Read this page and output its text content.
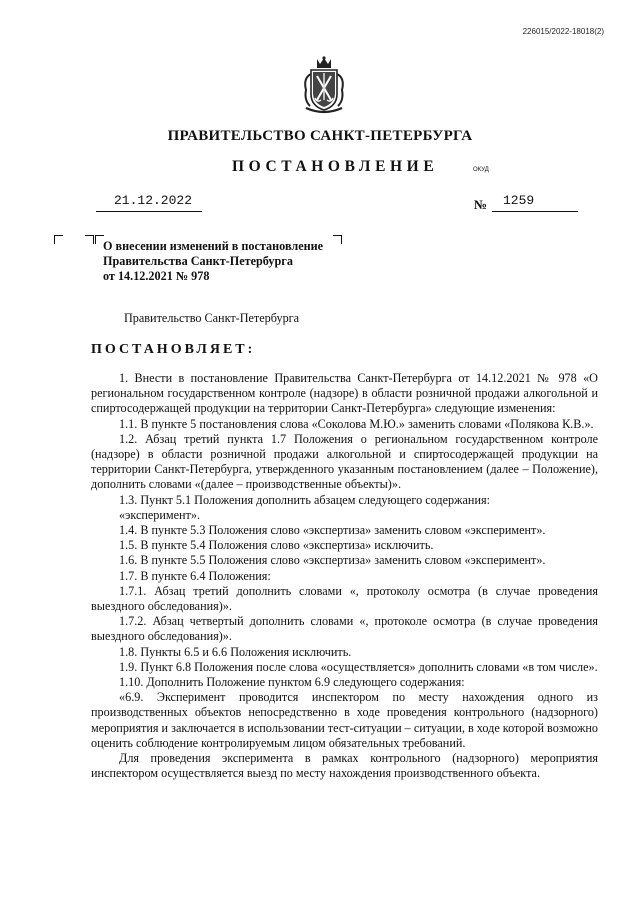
226015/2022-18018(2)
ПРАВИТЕЛЬСТВО САНКТ-ПЕТЕРБУРГА
ПОСТАНОВЛЕНИЕ	ОКУД
21.12.2022	№ 1259
О внесении изменений в постановление
Правительства Санкт-Петербурга
от 14.12.2021 № 978
Правительство Санкт-Петербурга
ПОСТАНОВЛЯЕТ:

1. Внести в постановление Правительства Санкт-Петербурга от 14.12.2021 № 978 «О региональном государственном контроле (надзоре) в области розничной продажи алкогольной и спиртосодержащей продукции на территории Санкт-Петербурга» следующие изменения:

1.1. В пункте 5 постановления слова «Соколова М.Ю.» заменить словами «Полякова К.В.».

1.2. Абзац третий пункта 1.7 Положения о региональном государственном контроле (надзоре) в области розничной продажи алкогольной и спиртосодержащей продукции на территории Санкт-Петербурга, утвержденного указанным постановлением (далее – Положение), дополнить словами «(далее – производственные объекты)».

1.3. Пункт 5.1 Положения дополнить абзацем следующего содержания:

«эксперимент».

1.4. В пункте 5.3 Положения слово «экспертиза» заменить словом «эксперимент».

1.5. В пункте 5.4 Положения слово «экспертиза» исключить.

1.6. В пункте 5.5 Положения слово «экспертиза» заменить словом «эксперимент».

1.7. В пункте 6.4 Положения:

1.7.1. Абзац третий дополнить словами «, протоколу осмотра (в случае проведения выездного обследования)».

1.7.2. Абзац четвертый дополнить словами «, протоколе осмотра (в случае проведения выездного обследования)».

1.8. Пункты 6.5 и 6.6 Положения исключить.

1.9. Пункт 6.8 Положения после слова «осуществляется» дополнить словами «в том числе».

1.10. Дополнить Положение пунктом 6.9 следующего содержания:

«6.9. Эксперимент проводится инспектором по месту нахождения одного из производственных объектов непосредственно в ходе проведения контрольного (надзорного) мероприятия и заключается в использовании тест-ситуации – ситуации, в ходе которой возможно оценить соблюдение контролируемым лицом обязательных требований.

Для проведения эксперимента в рамках контрольного (надзорного) мероприятия инспектором осуществляется выезд по месту нахождения производственного объекта.
